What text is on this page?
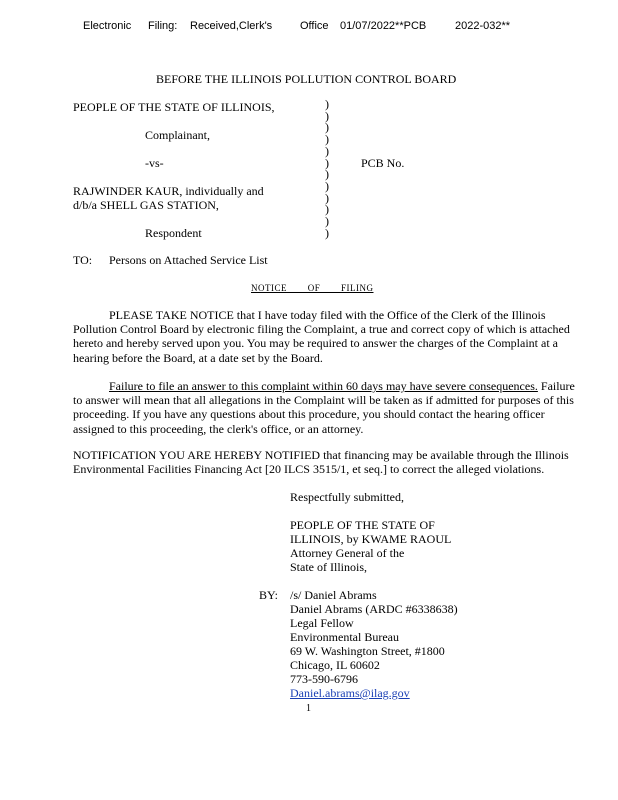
Electronic Filing: Received,Clerk's	Office 01/07/2022**PCB	2022-032**
BEFORE THE ILLINOIS POLLUTION CONTROL BOARD
PEOPLE OF THE STATE OF ILLINOIS,
Complainant,
-vs-	PCB No.
RAJWINDER KAUR, individually and
d/b/a SHELL GAS STATION,
Respondent
)
)
)
)
)
)
)
)
)
)
)
)
TO: Persons on Attached Service List
NOTICE OF FILING
PLEASE TAKE NOTICE that I have today filed with the Office of the Clerk of the Illinois Pollution Control Board by electronic filing the Complaint, a true and correct copy of which is attached hereto and hereby served upon you. You may be required to answer the charges of the Complaint at a hearing before the Board, at a date set by the Board.
Failure to file an answer to this complaint within 60 days may have severe consequences. Failure to answer will mean that all allegations in the Complaint will be taken as if admitted for purposes of this proceeding. If you have any questions about this procedure, you should contact the hearing officer assigned to this proceeding, the clerk's office, or an attorney.
NOTIFICATION YOU ARE HEREBY NOTIFIED that financing may be available through the Illinois Environmental Facilities Financing Act [20 ILCS 3515/1, et seq.] to correct the alleged violations.
Respectfully submitted,
PEOPLE OF THE STATE OF
ILLINOIS, by KWAME RAOUL
Attorney General of the
State of Illinois,
BY: /s/ Daniel Abrams
Daniel Abrams (ARDC #6338638)
Legal Fellow
Environmental Bureau
69 W. Washington Street, #1800
Chicago, IL 60602
773-590-6796
Daniel.abrams@ilag.gov
1
